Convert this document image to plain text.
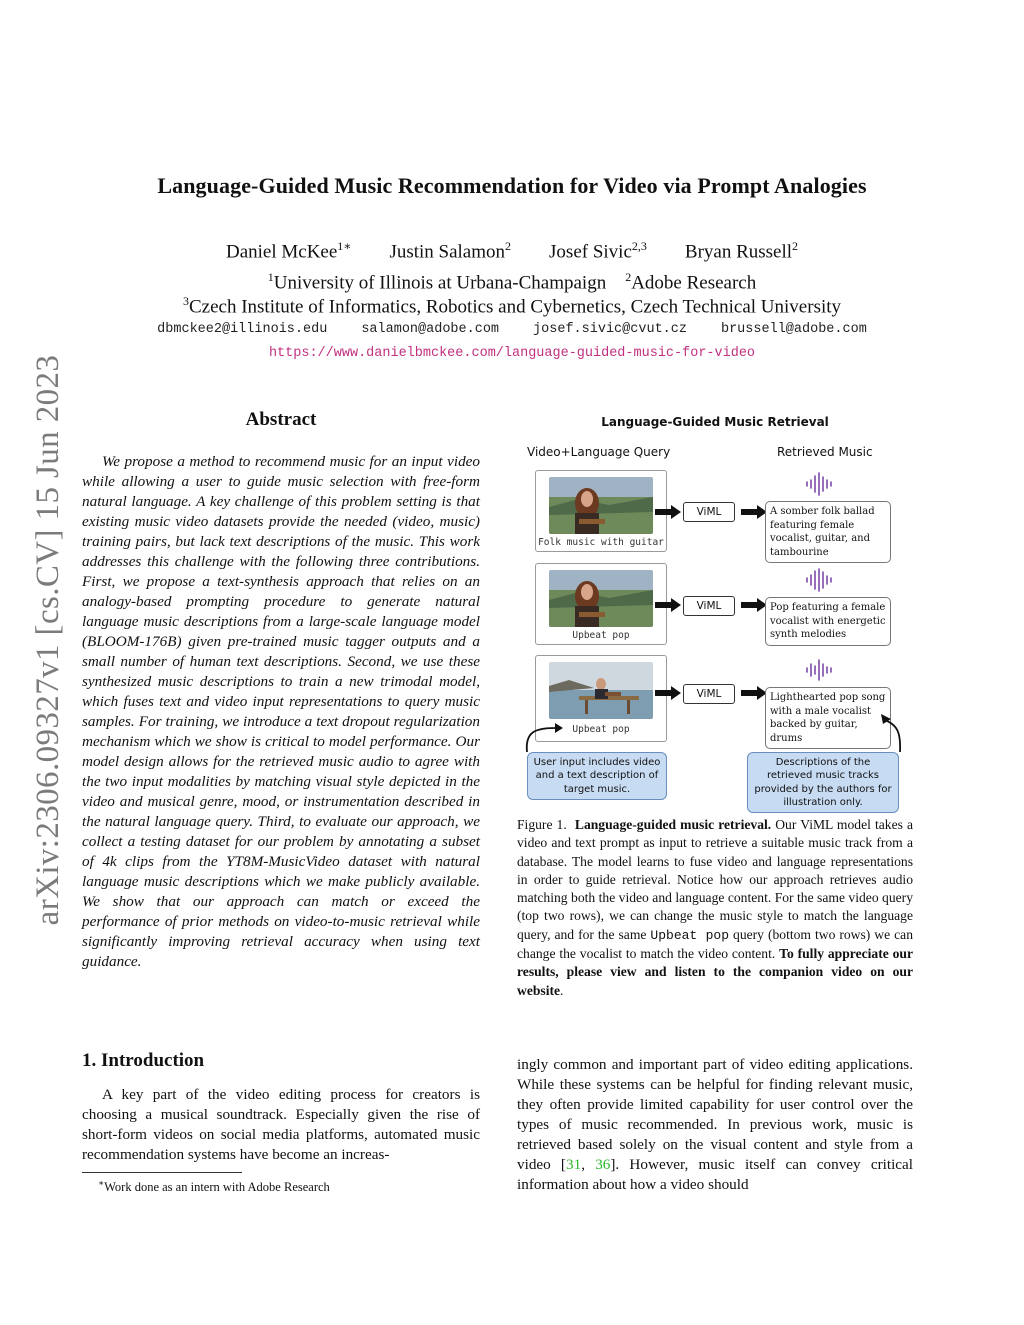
arXiv:2306.09327v1 [cs.CV] 15 Jun 2023
Language-Guided Music Recommendation for Video via Prompt Analogies
Daniel McKee$^{1∗}$ Justin Salamon$^2$ Josef Sivic$^{2,3}$ Bryan Russell$^2$
$^1$University of Illinois at Urbana-Champaign $^2$Adobe Research
$^3$Czech Institute of Informatics, Robotics and Cybernetics, Czech Technical University
dbmckee2@illinois.edu	salamon@adobe.com	josef.sivic@cvut.cz	brussell@adobe.com
https://www.danielbmckee.com/language-guided-music-for-video
Abstract
We propose a method to recommend music for an input video while allowing a user to guide music selection with free-form natural language. A key challenge of this problem setting is that existing music video datasets provide the needed (video, music) training pairs, but lack text descriptions of the music. This work addresses this challenge with the following three contributions. First, we propose a text-synthesis approach that relies on an analogy-based prompting procedure to generate natural language music descriptions from a large-scale language model (BLOOM-176B) given pre-trained music tagger outputs and a small number of human text descriptions. Second, we use these synthesized music descriptions to train a new trimodal model, which fuses text and video input representations to query music samples. For training, we introduce a text dropout regularization mechanism which we show is critical to model performance. Our model design allows for the retrieved music audio to agree with the two input modalities by matching visual style depicted in the video and musical genre, mood, or instrumentation described in the natural language query. Third, to evaluate our approach, we collect a testing dataset for our problem by annotating a subset of 4k clips from the YT8M-MusicVideo dataset with natural language music descriptions which we make publicly available. We show that our approach can match or exceed the performance of prior methods on video-to-music retrieval while significantly improving retrieval accuracy when using text guidance.
Language-Guided Music Retrieval
Video+Language Query	Retrieved Music
Folk music with guitar
ViML	A somber folk ballad featuring female vocalist, guitar, and tambourine
Upbeat pop
ViML	Pop featuring a female vocalist with energetic synth melodies
Upbeat pop
ViML	Lighthearted pop song with a male vocalist backed by guitar, drums
User input includes video and a text description of target music.
Descriptions of the retrieved music tracks provided by the authors for illustration only.
Figure 1. Language-guided music retrieval. Our ViML model takes a video and text prompt as input to retrieve a suitable music track from a database. The model learns to fuse video and language representations in order to guide retrieval. Notice how our approach retrieves audio matching both the video and language content. For the same video query (top two rows), we can change the music style to match the language query, and for the same Upbeat pop query (bottom two rows) we can change the vocalist to match the video content. To fully appreciate our results, please view and listen to the companion video on our website.
1. Introduction
A key part of the video editing process for creators is choosing a musical soundtrack. Especially given the rise of short-form videos on social media platforms, automated music recommendation systems have become an increas-
∗Work done as an intern with Adobe Research
ingly common and important part of video editing applications. While these systems can be helpful for finding relevant music, they often provide limited capability for user control over the types of music recommended. In previous work, music is retrieved based solely on the visual content and style from a video [31, 36]. However, music itself can convey critical information about how a video should
